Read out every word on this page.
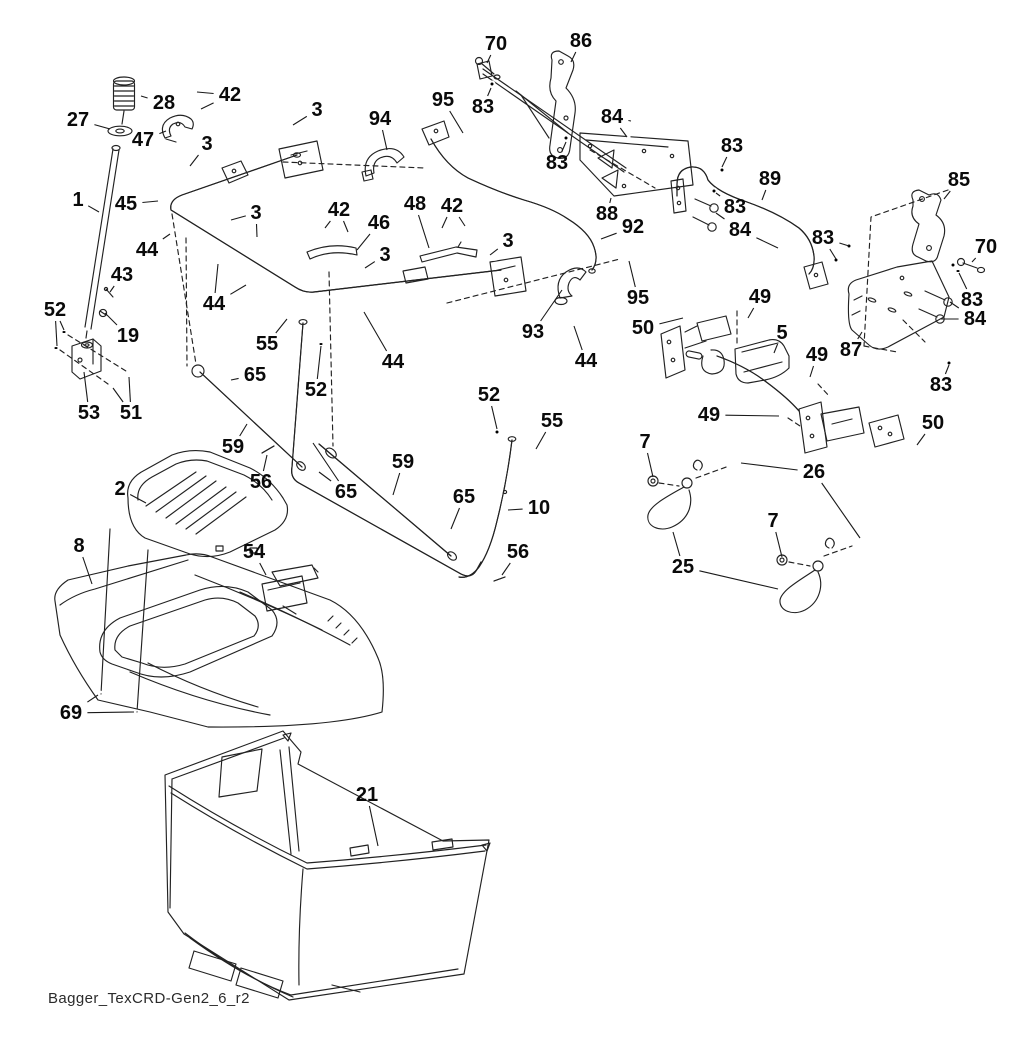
28
27
42
47
3 94
95
70	86
83	84
83
3
1 45
44
3	42
46
48 42
3
3
88
92
83
89
83
84
85
70
83
83
84
87
83
95
50
49
5
49
49	50
93
44
44
43
19
52
53 51
44
55
65
52
59
56	65
2
8	54
69
21
52
55
59
65	10
56
7
26
7
25
Bagger_TexCRD-Gen2_6_r2
